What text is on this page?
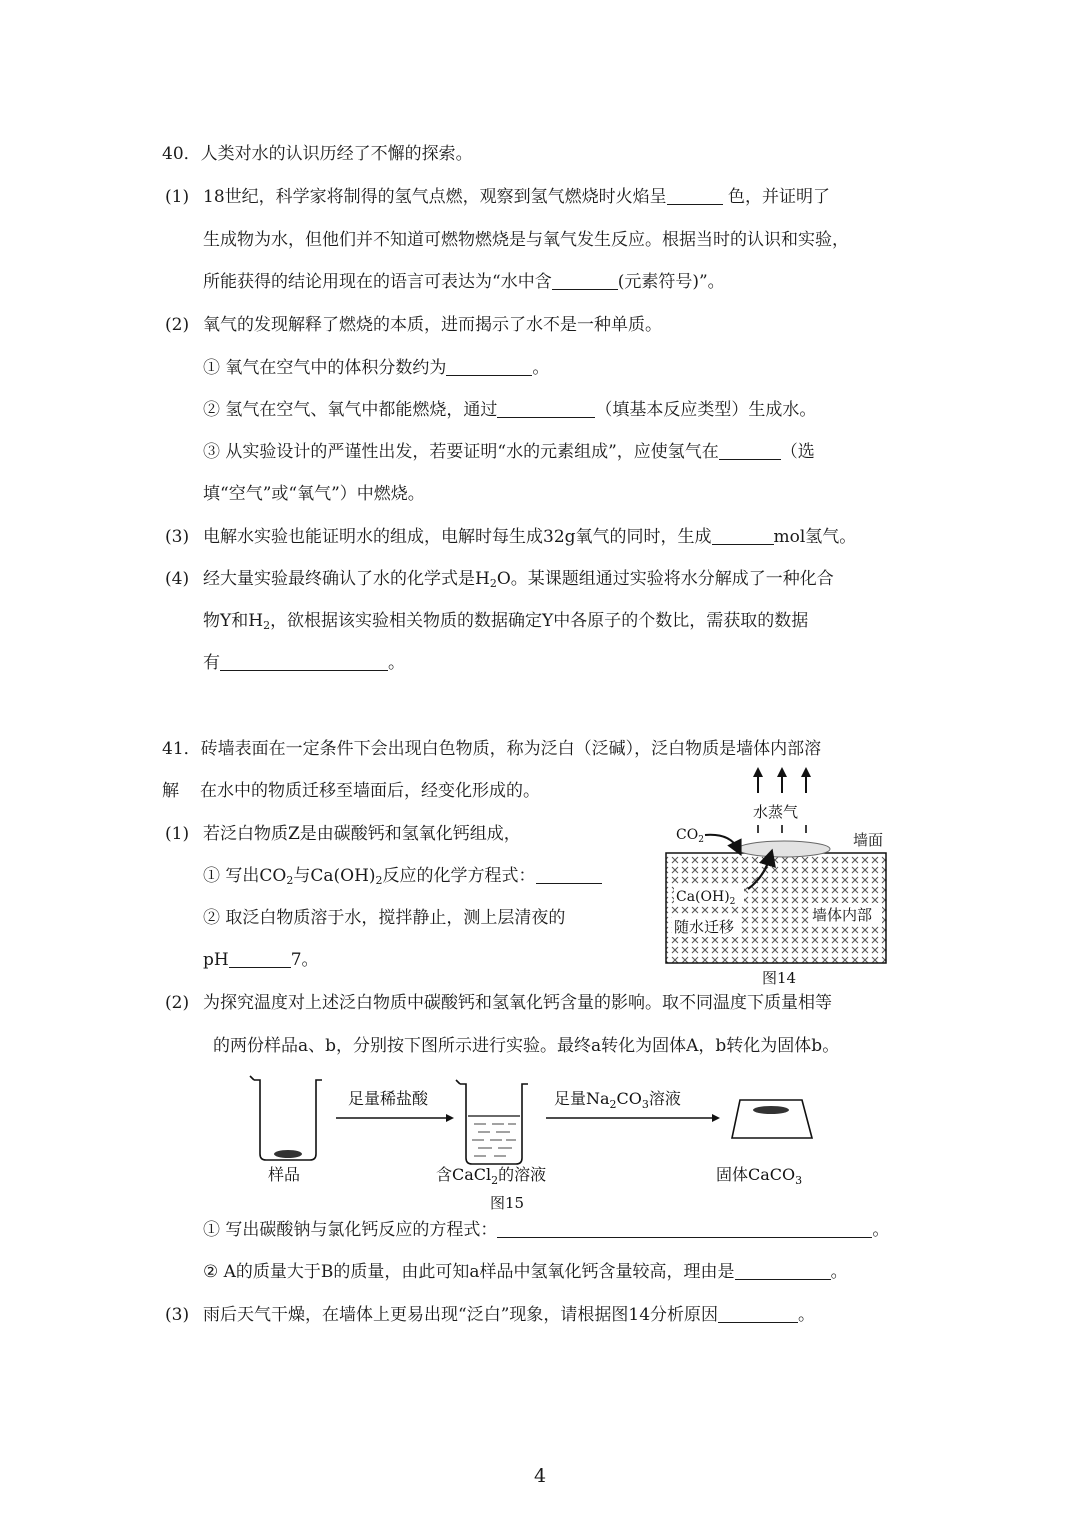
40．人类对水的认识历经了不懈的探索。
(1) 18世纪，科学家将制得的氢气点燃，观察到氢气燃烧时火焰呈	色，并证明了
生成物为水，但他们并不知道可燃物燃烧是与氧气发生反应。根据当时的认识和实验，
所能获得的结论用现在的语言可表达为“水中含	(元素符号)”。
(2) 氧气的发现解释了燃烧的本质，进而揭示了水不是一种单质。
① 氧气在空气中的体积分数约为	。
② 氢气在空气、氧气中都能燃烧，通过	（填基本反应类型）生成水。
③ 从实验设计的严谨性出发，若要证明“水的元素组成”，应使氢气在	（选
填“空气”或“氧气”）中燃烧。
(3) 电解水实验也能证明水的组成，电解时每生成32g氧气的同时，生成	mol氢气。
(4) 经大量实验最终确认了水的化学式是$H_2O$。某课题组通过实验将水分解成了一种化合
物Y和$H_2$，欲根据该实验相关物质的数据确定Y中各原子的个数比，需获取的数据
有	。
41．砖墙表面在一定条件下会出现白色物质，称为泛白（泛碱），泛白物质是墙体内部溶
解 在水中的物质迁移至墙面后，经变化形成的。
(1) 若泛白物质Z是由碳酸钙和氢氧化钙组成，
① 写出$CO_2$与$Ca(OH)_2$反应的化学方程式：
② 取泛白物质溶于水，搅拌静止，测上层清夜的
pH	7。
水蒸气
$CO_2$	墙面
$Ca(OH)_2$
随水迁移
墙体内部
图14
(2) 为探究温度对上述泛白物质中碳酸钙和氢氧化钙含量的影响。取不同温度下质量相等
的两份样品a、b，分别按下图所示进行实验。最终a转化为固体A，b转化为固体b。
样品
足量稀盐酸
含CaCl$_2$的溶液
足量$Na_2CO_3$溶液
固体CaCO$_3$
图15
① 写出碳酸钠与氯化钙反应的方程式：	。
② A的质量大于B的质量，由此可知a样品中氢氧化钙含量较高，理由是	。
(3) 雨后天气干燥，在墙体上更易出现“泛白”现象，请根据图14分析原因	。
4
